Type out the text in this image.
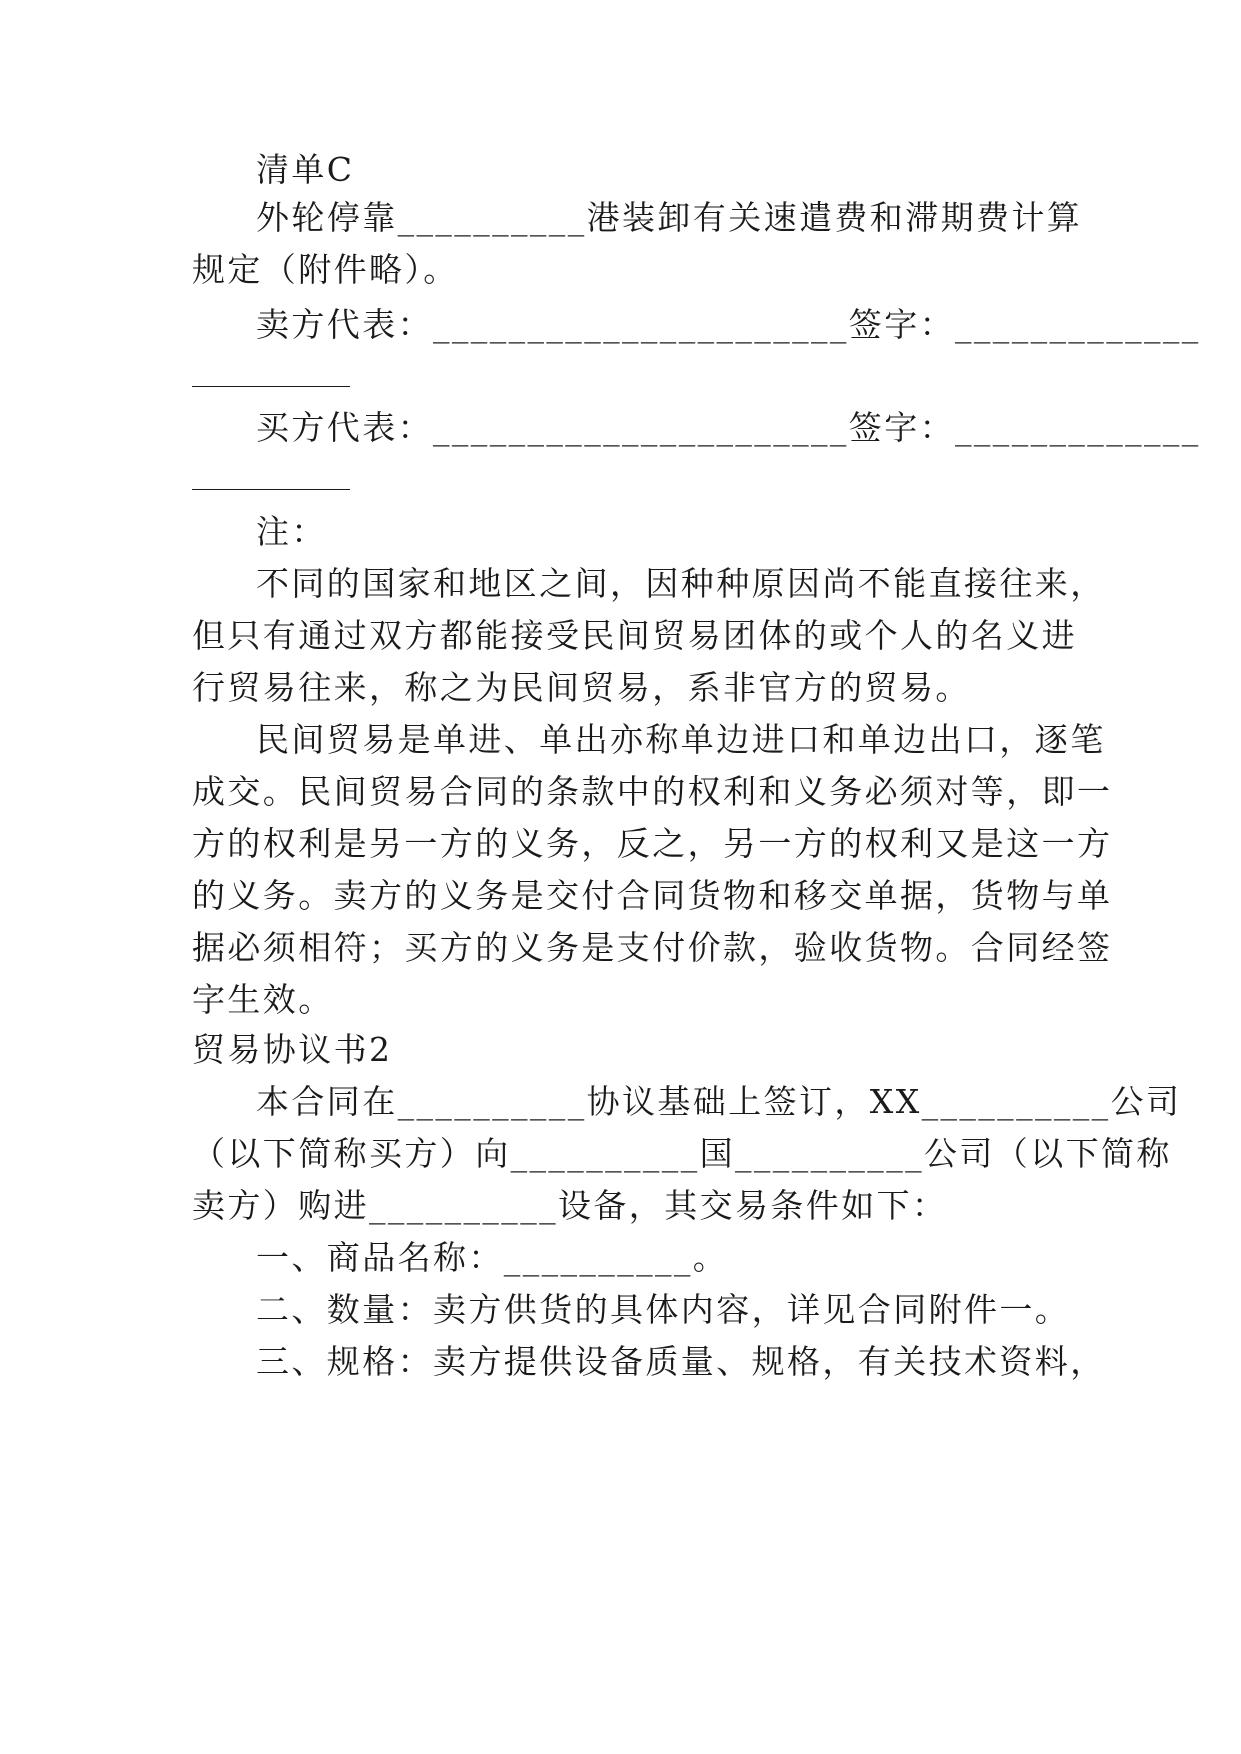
清单C
外轮停靠__________港装卸有关速遣费和滞期费计算
规定（附件略）。
卖方代表：______________________签字：_____________
买方代表：______________________签字：_____________
注：
不同的国家和地区之间，因种种原因尚不能直接往来，
但只有通过双方都能接受民间贸易团体的或个人的名义进
行贸易往来，称之为民间贸易，系非官方的贸易。
民间贸易是单进、单出亦称单边进口和单边出口，逐笔
成交。民间贸易合同的条款中的权利和义务必须对等，即一
方的权利是另一方的义务，反之，另一方的权利又是这一方
的义务。卖方的义务是交付合同货物和移交单据，货物与单
据必须相符；买方的义务是支付价款，验收货物。合同经签
字生效。
贸易协议书2
本合同在__________协议基础上签订，XX__________公司
（以下简称买方）向__________国__________公司（以下简称
卖方）购进__________设备，其交易条件如下：
一、商品名称：__________。
二、数量：卖方供货的具体内容，详见合同附件一。
三、规格：卖方提供设备质量、规格，有关技术资料，
